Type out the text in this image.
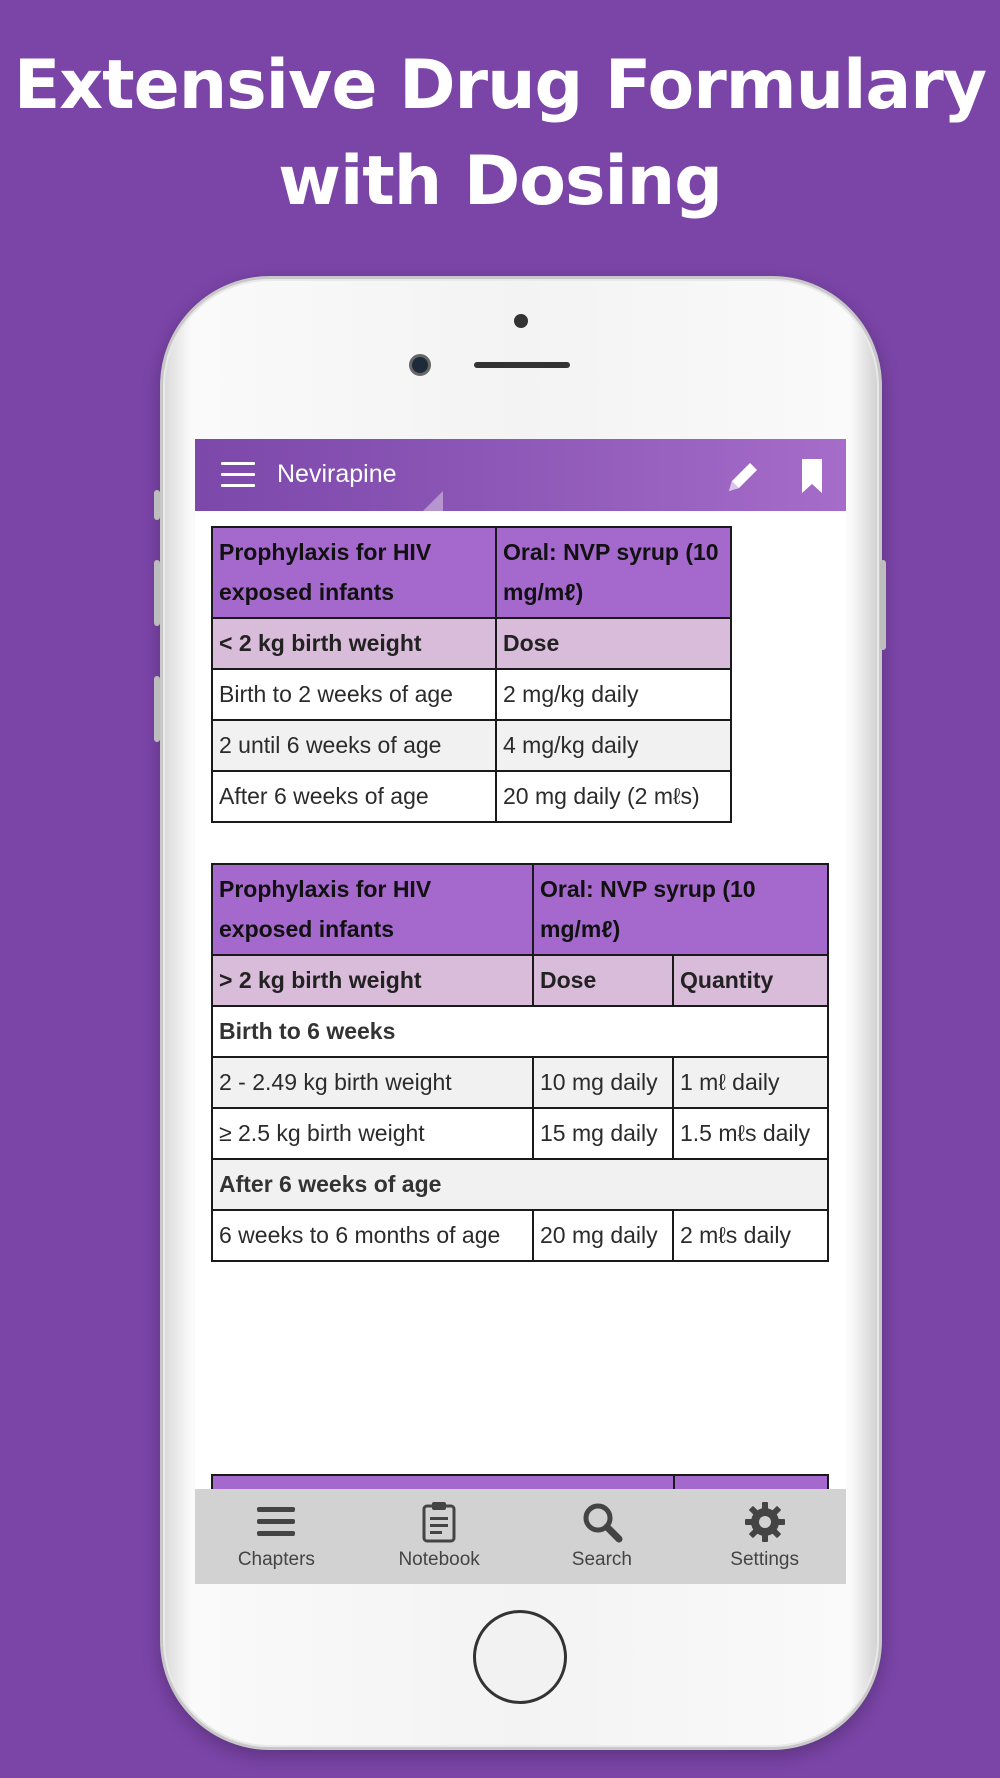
Extensive Drug Formulary
with Dosing
Nevirapine
Prophylaxis for HIV exposed infants	Oral: NVP syrup (10 mg/mℓ)
< 2 kg birth weight	Dose
Birth to 2 weeks of age	2 mg/kg daily
2 until 6 weeks of age	4 mg/kg daily
After 6 weeks of age	20 mg daily (2 mℓs)
Prophylaxis for HIV exposed infants	Oral: NVP syrup (10 mg/mℓ)	
> 2 kg birth weight	Dose	Quantity
Birth to 6 weeks		
2 - 2.49 kg birth weight	10 mg daily	1 mℓ daily
≥ 2.5 kg birth weight	15 mg daily	1.5 mℓs daily
After 6 weeks of age		
6 weeks to 6 months of age	20 mg daily	2 mℓs daily
Chapters	Notebook	Search	Settings
